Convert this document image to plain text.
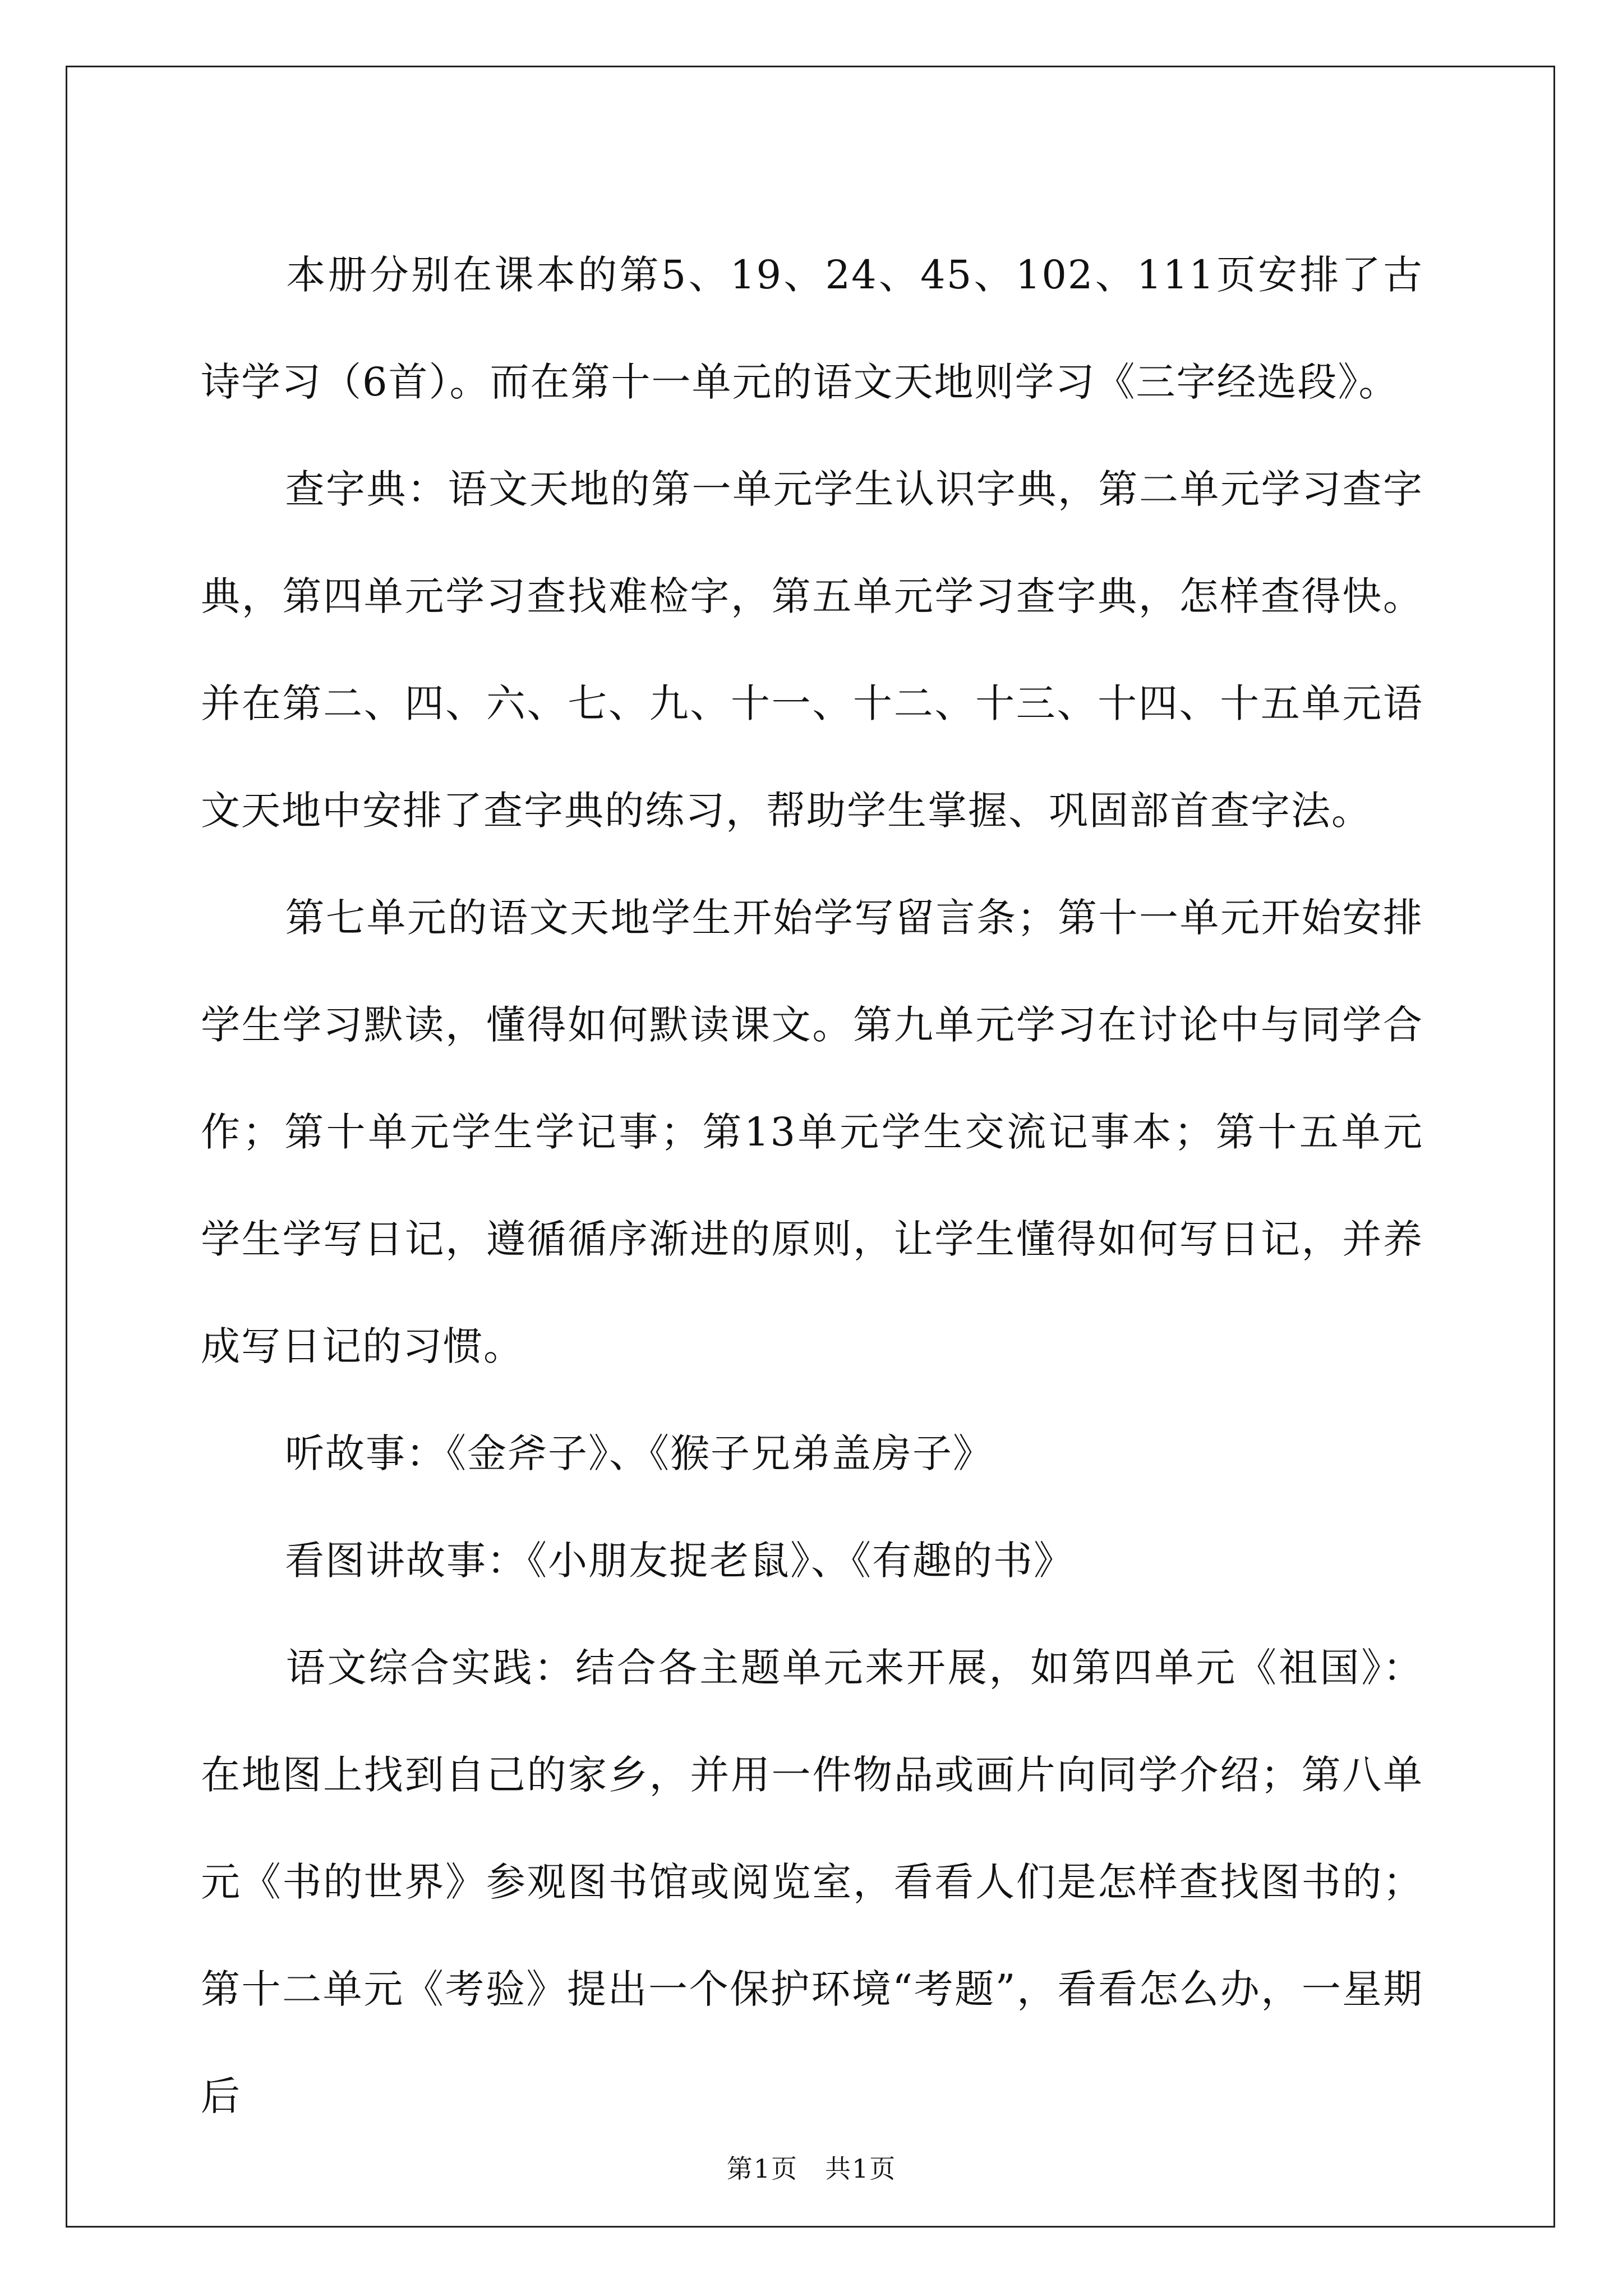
本册分别在课本的第5、19、24、45、102、111页安排了古诗学习（6首）。而在第十一单元的语文天地则学习《三字经选段》。

查字典：语文天地的第一单元学生认识字典，第二单元学习查字典，第四单元学习查找难检字，第五单元学习查字典，怎样查得快。并在第二、四、六、七、九、十一、十二、十三、十四、十五单元语文天地中安排了查字典的练习，帮助学生掌握、巩固部首查字法。

第七单元的语文天地学生开始学写留言条；第十一单元开始安排学生学习默读，懂得如何默读课文。第九单元学习在讨论中与同学合作；第十单元学生学记事；第13单元学生交流记事本；第十五单元学生学写日记，遵循循序渐进的原则，让学生懂得如何写日记，并养成写日记的习惯。

听故事：《金斧子》、《猴子兄弟盖房子》

看图讲故事：《小朋友捉老鼠》、《有趣的书》

语文综合实践：结合各主题单元来开展，如第四单元《祖国》：在地图上找到自己的家乡，并用一件物品或画片向同学介绍；第八单元《书的世界》参观图书馆或阅览室，看看人们是怎样查找图书的；第十二单元《考验》提出一个保护环境“考题”，看看怎么办，一星期后

第1页　共1页
